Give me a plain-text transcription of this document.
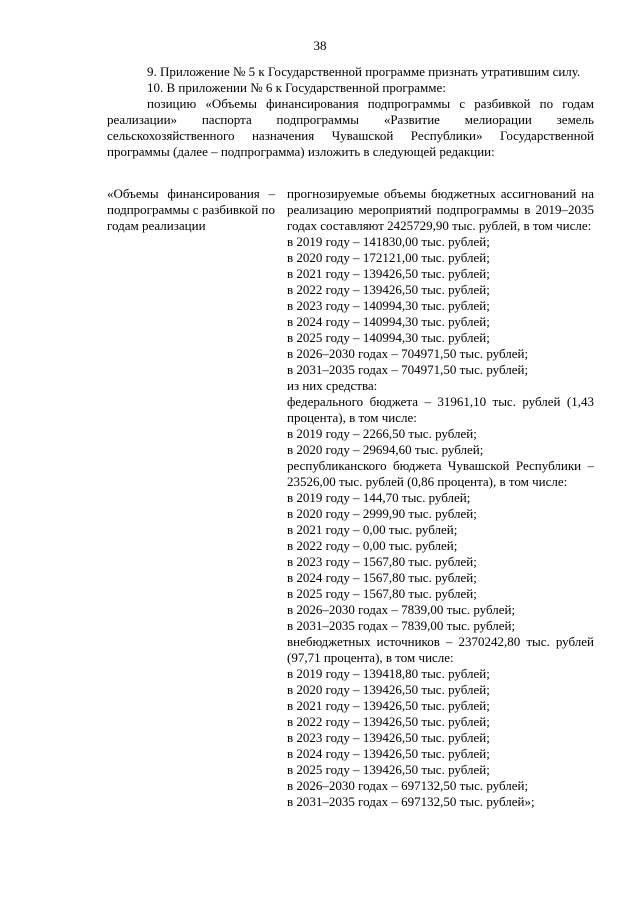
38

9. Приложение № 5 к Государственной программе признать утратившим силу.

10. В приложении № 6 к Государственной программе:

позицию «Объемы финансирования подпрограммы с разбивкой по годам реализации» паспорта подпрограммы «Развитие мелиорации земель сельскохозяйственного назначения Чувашской Республики» Государственной программы (далее – подпрограмма) изложить в следующей редакции:

«Объемы финансирования – подпрограммы с разбивкой по годам реализации
прогнозируемые объемы бюджетных ассигнований на реализацию мероприятий подпрограммы в 2019–2035 годах составляют 2425729,90 тыс. рублей, в том числе:
в 2019 году – 141830,00 тыс. рублей;
в 2020 году – 172121,00 тыс. рублей;
в 2021 году – 139426,50 тыс. рублей;
в 2022 году – 139426,50 тыс. рублей;
в 2023 году – 140994,30 тыс. рублей;
в 2024 году – 140994,30 тыс. рублей;
в 2025 году – 140994,30 тыс. рублей;
в 2026–2030 годах – 704971,50 тыс. рублей;
в 2031–2035 годах – 704971,50 тыс. рублей;
из них средства:
федерального бюджета – 31961,10 тыс. рублей (1,43 процента), в том числе:
в 2019 году – 2266,50 тыс. рублей;
в 2020 году – 29694,60 тыс. рублей;
республиканского бюджета Чувашской Республики – 23526,00 тыс. рублей (0,86 процента), в том числе:
в 2019 году – 144,70 тыс. рублей;
в 2020 году – 2999,90 тыс. рублей;
в 2021 году – 0,00 тыс. рублей;
в 2022 году – 0,00 тыс. рублей;
в 2023 году – 1567,80 тыс. рублей;
в 2024 году – 1567,80 тыс. рублей;
в 2025 году – 1567,80 тыс. рублей;
в 2026–2030 годах – 7839,00 тыс. рублей;
в 2031–2035 годах – 7839,00 тыс. рублей;
внебюджетных источников – 2370242,80 тыс. рублей (97,71 процента), в том числе:
в 2019 году – 139418,80 тыс. рублей;
в 2020 году – 139426,50 тыс. рублей;
в 2021 году – 139426,50 тыс. рублей;
в 2022 году – 139426,50 тыс. рублей;
в 2023 году – 139426,50 тыс. рублей;
в 2024 году – 139426,50 тыс. рублей;
в 2025 году – 139426,50 тыс. рублей;
в 2026–2030 годах – 697132,50 тыс. рублей;
в 2031–2035 годах – 697132,50 тыс. рублей»;
